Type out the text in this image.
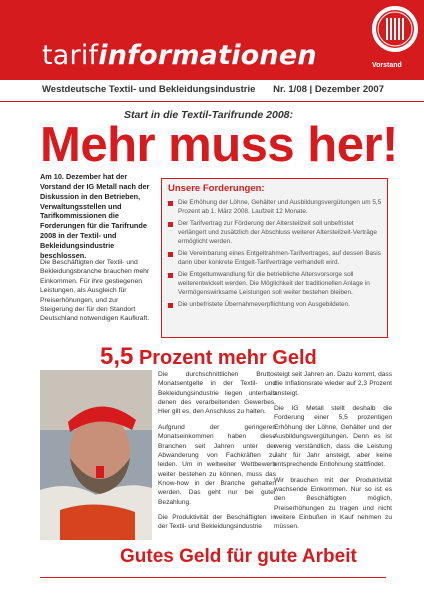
tarifinformationen	Vorstand
Westdeutsche Textil- und Bekleidungsindustrie Nr. 1/08 | Dezember 2007
Start in die Textil-Tarifrunde 2008:
Mehr muss her!
Am 10. Dezember hat der Vorstand der IG Metall nach der Diskussion in den Betrieben, Verwaltungsstellen und Tarifkommissionen die Forderungen für die Tarifrunde 2008 in der Textil- und Bekleidungsindustrie beschlossen.
Die Beschäftigten der Textil- und Bekleidungsbranche brauchen mehr Einkommen. Für ihre gestiegenen Leistungen, als Ausgleich für Preiserhöhungen, und zur Steigerung der für den Standort Deutschland notwendigen Kaufkraft.
Unsere Forderungen:
Die Erhöhung der Löhne, Gehälter und Ausbildungsvergütungen um 5,5 Prozent ab 1. März 2008. Laufzeit 12 Monate.
Der Tarifvertrag zur Förderung der Altersteilzeit soll unbefristet verlängert und zusätzlich der Abschluss weiterer Altersteilzeit-Verträge ermöglicht werden.
Die Vereinbarung eines Entgeltrahmen-Tarifvertrages, auf dessen Basis dann über konkrete Entgelt-Tarifverträge verhandelt wird.
Die Entgeltumwandlung für die betriebliche Altersvorsorge soll weiterentwickelt werden. Die Möglichkeit der traditionellen Anlage in Vermögenswirksame Leistungen soll weiter bestehen bleiben.
Die unbefristete Übernahmeverpflichtung von Ausgebildeten.
5,5 Prozent mehr Geld

Die durchschnittlichen Brutto-Monatsentgelte in der Textil- und Bekleidungsindustrie liegen unterhalb denen des verarbeitenden Gewerbes. Hier gilt es, den Anschluss zu halten.

Aufgrund der geringeren Monatseinkommen haben diese Branchen seit Jahren unter der Abwanderung von Fachkräften zu leiden. Um in weltweiter Wettbewerb weiter bestehen zu können, muss das Know-how in der Branche gehalten werden. Das geht nur bei guter Bezahlung.

Die Produktivität der Beschäftigten in der Textil- und Bekleidungsindustrie

steigt seit Jahren an. Dazu kommt, dass die Inflationsrate wieder auf 2,3 Prozent ansteigt.

Die IG Metall stellt deshalb die Forderung einer 5,5 prozentigen Erhöhung der Löhne, Gehälter und der Ausbildungsvergütungen. Denn es ist wenig verständlich, dass die Leistung Jahr für Jahr ansteigt, aber keine entsprechende Entlohnung stattfindet.

Wir brauchen mit der Produktivität wachsende Einkommen. Nur so ist es den Beschäftigten möglich, Preiserhöhungen zu tragen und nicht weitere Einbußen in Kauf nehmen zu müssen.

Gutes Geld für gute Arbeit
